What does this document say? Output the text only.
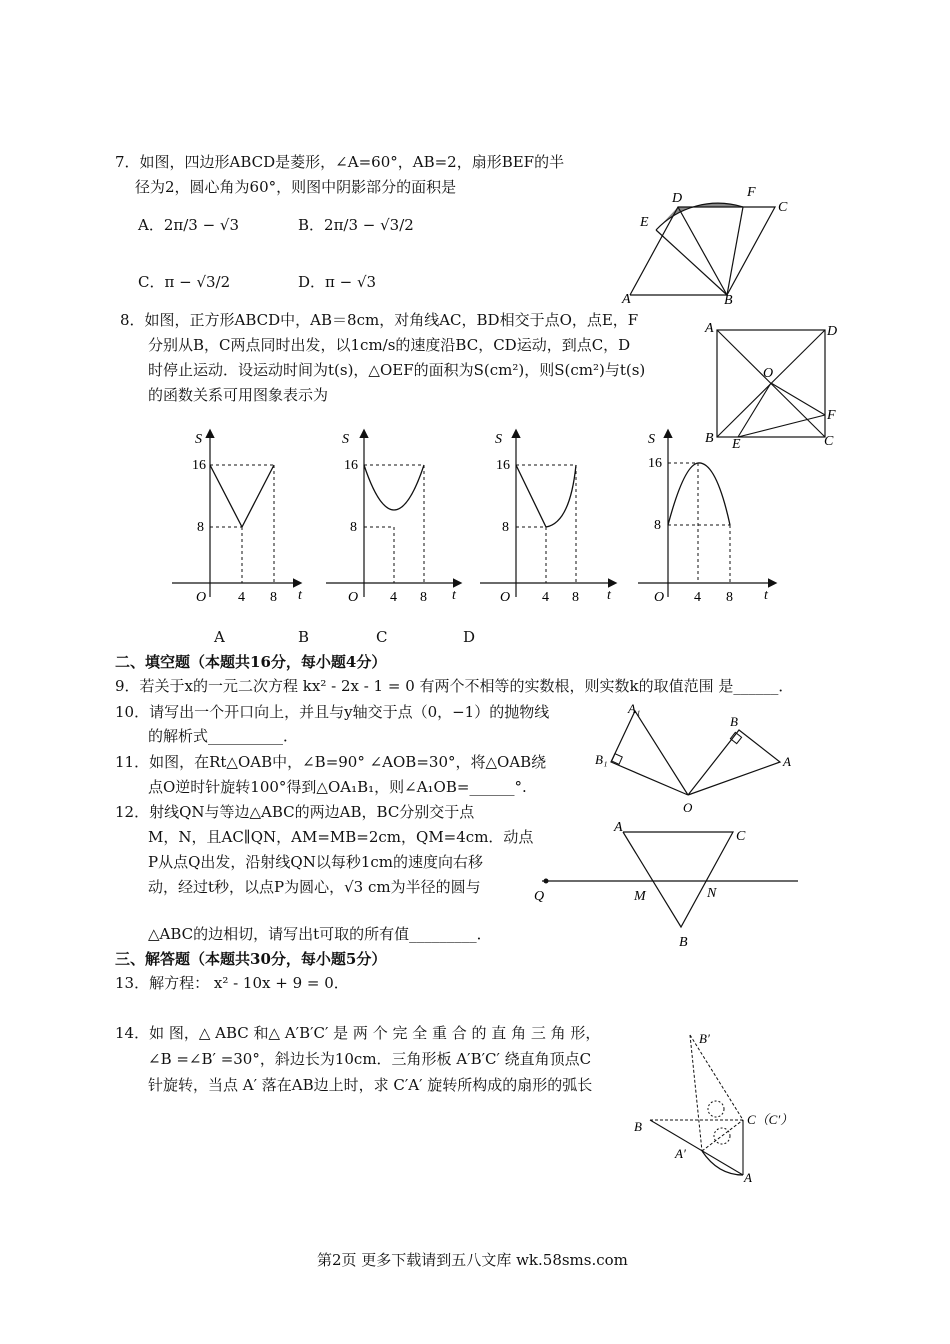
7．如图，四边形ABCD是菱形，∠A=60°，AB=2，扇形BEF的半
径为2，圆心角为60°，则图中阴影部分的面积是
A．2π/3 − √3	B．2π/3 − √3/2
C．π − √3/2	D．π − √3
E
D	F
C
A	B
8．如图，正方形ABCD中，AB＝8cm，对角线AC，BD相交于点O，点E，F
分别从B，C两点同时出发，以1cm/s的速度沿BC，CD运动，到点C，D
时停止运动．设运动时间为t(s)，△OEF的面积为S(cm²)，则S(cm²)与t(s)
的函数关系可用图象表示为
A	D
O
F
B E	C
S
16
8
O 4 8 t
S
16
8
O 4 8 t
S
16
8
O 4 8 t
S
16
8
O 4 8 t
A	B	C	D
二、填空题（本题共16分，每小题4分）
9．若关于x的一元二次方程 kx² - 2x - 1 = 0 有两个不相等的实数根，则实数k的取值范围 是______．
10．请写出一个开口向上，并且与y轴交于点（0，−1）的抛物线
的解析式__________．
11．如图，在Rt△OAB中，∠B=90° ∠AOB=30°，将△OAB绕
点O逆时针旋转100°得到△OA₁B₁，则∠A₁OB=______°.
A₁
B₁
B
A
O
12．射线QN与等边△ABC的两边AB，BC分别交于点
M，N，且AC∥QN，AM=MB=2cm，QM=4cm．动点
P从点Q出发，沿射线QN以每秒1cm的速度向右移
动，经过t秒，以点P为圆心，√3 cm为半径的圆与
△ABC的边相切，请写出t可取的所有值_________．
A
C
Q	M	N
B
三、解答题（本题共30分，每小题5分）
13．解方程： x² - 10x + 9 = 0．
14．如 图，△ ABC 和△ A′B′C′ 是 两 个 完 全 重 合 的 直 角 三 角 形，
∠B =∠B′ =30°，斜边长为10cm．三角形板 A′B′C′ 绕直角顶点C
针旋转，当点 A′ 落在AB边上时，求 C′A′ 旋转所构成的扇形的弧长
B′
B	C（C′）
A′
A
第2页 更多下载请到五八文库 wk.58sms.com
